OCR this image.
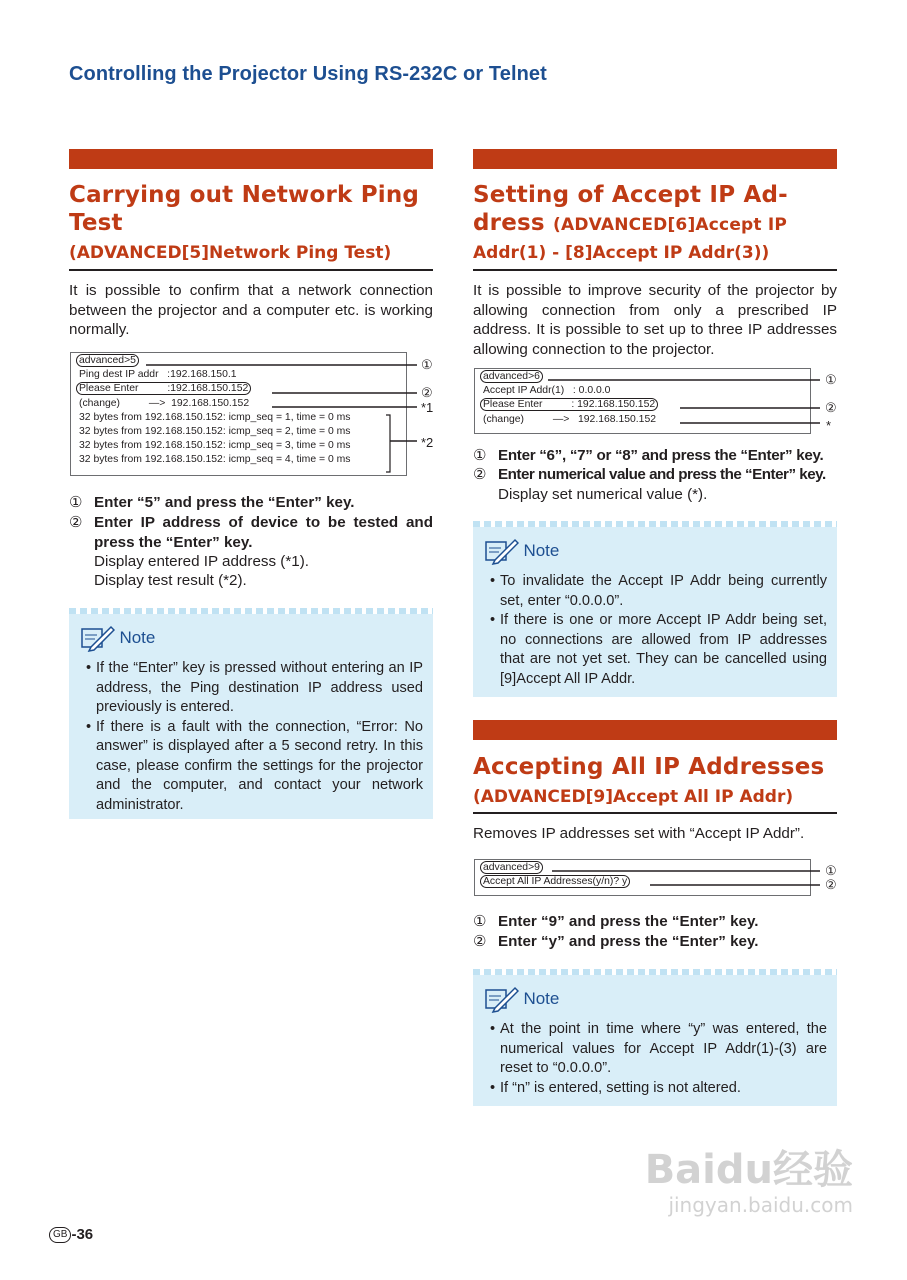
Controlling the Projector Using RS-232C or Telnet
Carrying out Network Ping Test
(ADVANCED[5]Network Ping Test)
It is possible to confirm that a network connection between the projector and a computer etc. is working normally.
advanced>5
Ping dest IP addr   :192.168.150.1
Please Enter          :192.168.150.152
(change)          —>  192.168.150.152
32 bytes from 192.168.150.152: icmp_seq = 1, time = 0 ms
32 bytes from 192.168.150.152: icmp_seq = 2, time = 0 ms
32 bytes from 192.168.150.152: icmp_seq = 3, time = 0 ms
32 bytes from 192.168.150.152: icmp_seq = 4, time = 0 ms
①
②
*1
*2
① Enter “5” and press the “Enter” key.
② Enter IP address of device to be tested and press the “Enter” key.
Display entered IP address (*1).
Display test result (*2).
Note
• If the “Enter” key is pressed without entering an IP address, the Ping destination IP address used previously is entered.
• If there is a fault with the connection, “Error: No answer” is displayed after a 5 second retry. In this case, please confirm the settings for the projector and the computer, and contact your network administrator.
Setting of Accept IP Ad-
dress (ADVANCED[6]Accept IP
Addr(1) - [8]Accept IP Addr(3))
It is possible to improve security of the projector by allowing connection from only a prescribed IP address. It is possible to set up to three IP addresses allowing connection to the projector.
advanced>6
Accept IP Addr(1)   : 0.0.0.0
Please Enter          : 192.168.150.152
(change)          —>   192.168.150.152
①
②
*
① Enter “6”, “7” or “8” and press the “Enter” key.
② Enter numerical value and press the “Enter” key.
Display set numerical value (*).
Note
• To invalidate the Accept IP Addr being currently set, enter “0.0.0.0”.
• If there is one or more Accept IP Addr being set, no connections are allowed from IP addresses that are not yet set. They can be cancelled using [9]Accept All IP Addr.
Accepting All IP Addresses
(ADVANCED[9]Accept All IP Addr)
Removes IP addresses set with “Accept IP Addr”.
advanced>9
Accept All IP Addresses(y/n)? y
①
②
① Enter “9” and press the “Enter” key.
② Enter “y” and press the “Enter” key.
Note
• At the point in time where “y” was entered, the numerical values for Accept IP Addr(1)-(3) are reset to “0.0.0.0”.
• If “n” is entered, setting is not altered.
GB -36
Baidu经验
jingyan.baidu.com
